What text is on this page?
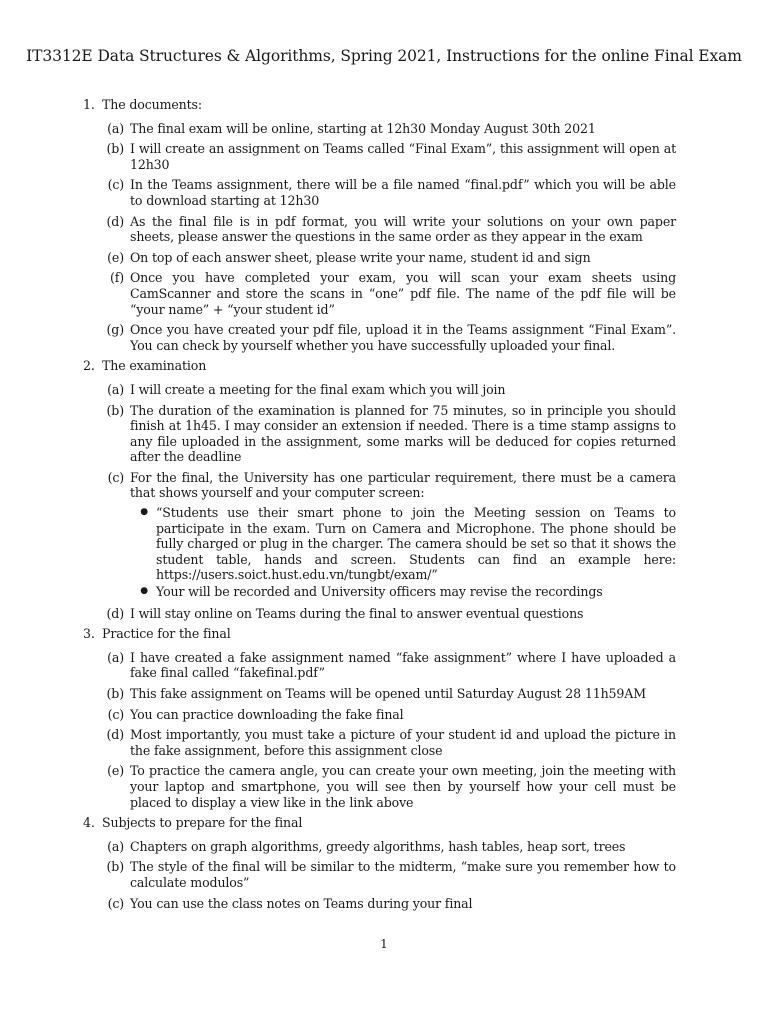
IT3312E Data Structures & Algorithms, Spring 2021, Instructions for the online Final Exam
1. The documents:
(a) The final exam will be online, starting at 12h30 Monday August 30th 2021
(b) I will create an assignment on Teams called “Final Exam”, this assignment will open at 12h30
(c) In the Teams assignment, there will be a file named “final.pdf” which you will be able to download starting at 12h30
(d) As the final file is in pdf format, you will write your solutions on your own paper sheets, please answer the questions in the same order as they appear in the exam
(e) On top of each answer sheet, please write your name, student id and sign
(f) Once you have completed your exam, you will scan your exam sheets using CamScanner and store the scans in “one” pdf file. The name of the pdf file will be “your name” + “your student id”
(g) Once you have created your pdf file, upload it in the Teams assignment “Final Exam”. You can check by yourself whether you have successfully uploaded your final.
2. The examination
(a) I will create a meeting for the final exam which you will join
(b) The duration of the examination is planned for 75 minutes, so in principle you should finish at 1h45. I may consider an extension if needed. There is a time stamp assigns to any file uploaded in the assignment, some marks will be deduced for copies returned after the deadline
(c) For the final, the University has one particular requirement, there must be a camera that shows yourself and your computer screen:
● “Students use their smart phone to join the Meeting session on Teams to participate in the exam. Turn on Camera and Microphone. The phone should be fully charged or plug in the charger. The camera should be set so that it shows the student table, hands and screen. Students can find an example here: https://users.soict.hust.edu.vn/tungbt/exam/”
● Your will be recorded and University officers may revise the recordings
(d) I will stay online on Teams during the final to answer eventual questions
3. Practice for the final
(a) I have created a fake assignment named “fake assignment” where I have uploaded a fake final called “fakefinal.pdf”
(b) This fake assignment on Teams will be opened until Saturday August 28 11h59AM
(c) You can practice downloading the fake final
(d) Most importantly, you must take a picture of your student id and upload the picture in the fake assignment, before this assignment close
(e) To practice the camera angle, you can create your own meeting, join the meeting with your laptop and smartphone, you will see then by yourself how your cell must be placed to display a view like in the link above
4. Subjects to prepare for the final
(a) Chapters on graph algorithms, greedy algorithms, hash tables, heap sort, trees
(b) The style of the final will be similar to the midterm, “make sure you remember how to calculate modulos”
(c) You can use the class notes on Teams during your final
1
